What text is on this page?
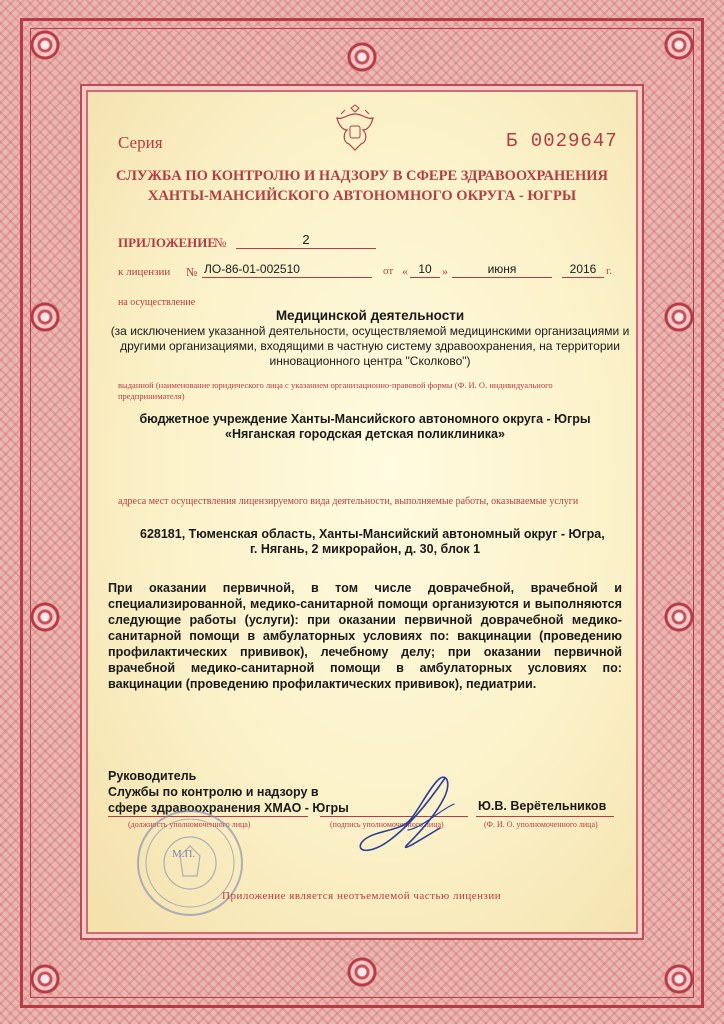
Серия	Б 0029647
СЛУЖБА ПО КОНТРОЛЮ И НАДЗОРУ В СФЕРЕ ЗДРАВООХРАНЕНИЯ
ХАНТЫ-МАНСИЙСКОГО АВТОНОМНОГО ОКРУГА - ЮГРЫ
ПРИЛОЖЕНИЕ
№	2
к лицензии № ЛО-86-01-002510	от « 10 »	июня	2016 г.
на осуществление
Медицинской деятельности
(за исключением указанной деятельности, осуществляемой медицинскими организациями и другими организациями, входящими в частную систему здравоохранения, на территории инновационного центра "Сколково")
выданной (наименование юридического лица с указанием организационно-правовой формы (Ф. И. О. индивидуального предпринимателя)
бюджетное учреждение Ханты-Мансийского автономного округа - Югры
«Няганская городская детская поликлиника»
адреса мест осуществления лицензируемого вида деятельности, выполняемые работы, оказываемые услуги
628181, Тюменская область, Ханты-Мансийский автономный округ - Югра,
г. Нягань, 2 микрорайон, д. 30, блок 1
При оказании первичной, в том числе доврачебной, врачебной и специализированной, медико-санитарной помощи организуются и выполняются следующие работы (услуги): при оказании первичной доврачебной медико-санитарной помощи в амбулаторных условиях по: вакцинации (проведению профилактических прививок), лечебному делу; при оказании первичной врачебной медико-санитарной помощи в амбулаторных условиях по: вакцинации (проведению профилактических прививок), педиатрии.
Руководитель
Службы по контролю и надзору в
сфере здравоохранения ХМАО - Югры	Ю.В. Верётельников
(должность уполномоченного лица)	(подпись уполномоченного лица)	(Ф. И. О. уполномоченного лица)
М.П.
Приложение является неотъемлемой частью лицензии
